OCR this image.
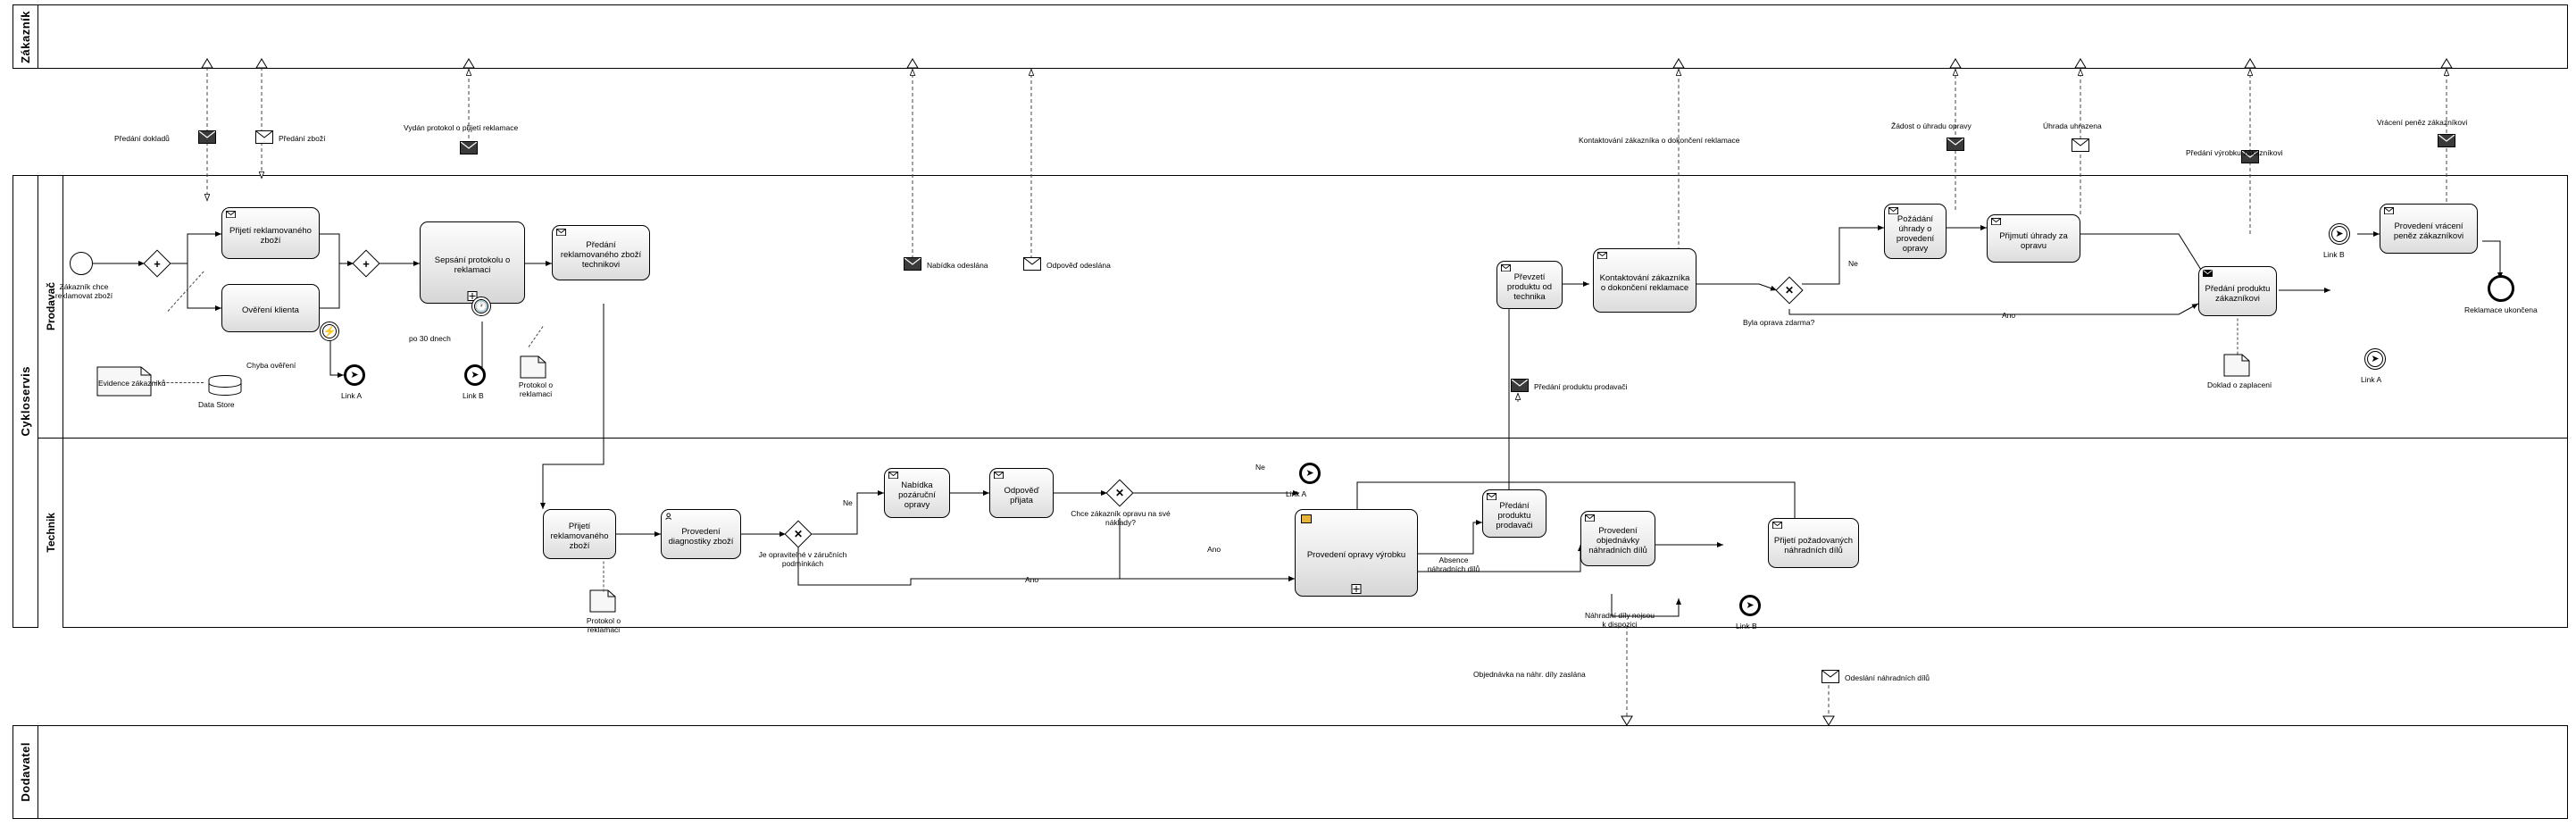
Zákazník
Cykloservis
Prodavač
Technik
Dodavatel
Zákazník chce reklamovat zboží
+
Přijetí reklamovaného zboží
Ověření klienta
⚡
Chyba ověření
➤
Link A
Data Store
Evidence zákazníků
+	Sepsání protokolu o reklamaci
🕐
po 30 dnech
➤
Link B
Předání reklamovaného zboží technikovi
Protokol o reklamaci
Přijetí reklamovaného zboží
Provedení diagnostiky zboží
Protokol o reklamaci
✕
Je opravitelné v záručních podmínkách
Ne
Ano
Nabídka pozáruční opravy
Odpověď přijata
✕
Chce zákazník opravu na své náklady?
Ne
Ano
➤
Link A
Provedení opravy výrobku	Absence náhradních dílů
Předání produktu prodavači
Provedení objednávky náhradních dílů
Náhradní díly nejsou k dispozici
➤
Link B
Přijetí požadovaných náhradních dílů
Převzetí produktu od technika
Kontaktování zákazníka o dokončení reklamace	✕
Byla oprava zdarma?
Ne
Ano
Požádání úhrady o provedení opravy
Přijmutí úhrady za opravu
Předání produktu zákazníkovi
Doklad o zaplacení
➤
Link B
Provedení vrácení peněz zákazníkovi
➤
Link A
Reklamace ukončena
Předání dokladů	Předání zboží
Vydán protokol o přijetí reklamace
Nabídka odeslána	Odpověď odeslána
Kontaktování zákazníka o dokončení reklamace
Žádost o úhradu opravy	Úhrada uhrazena
Předání výrobku zákazníkovi
Vrácení peněz zákazníkovi
Předání produktu prodavači
Objednávka na náhr. díly zaslána	Odeslání náhradních dílů
